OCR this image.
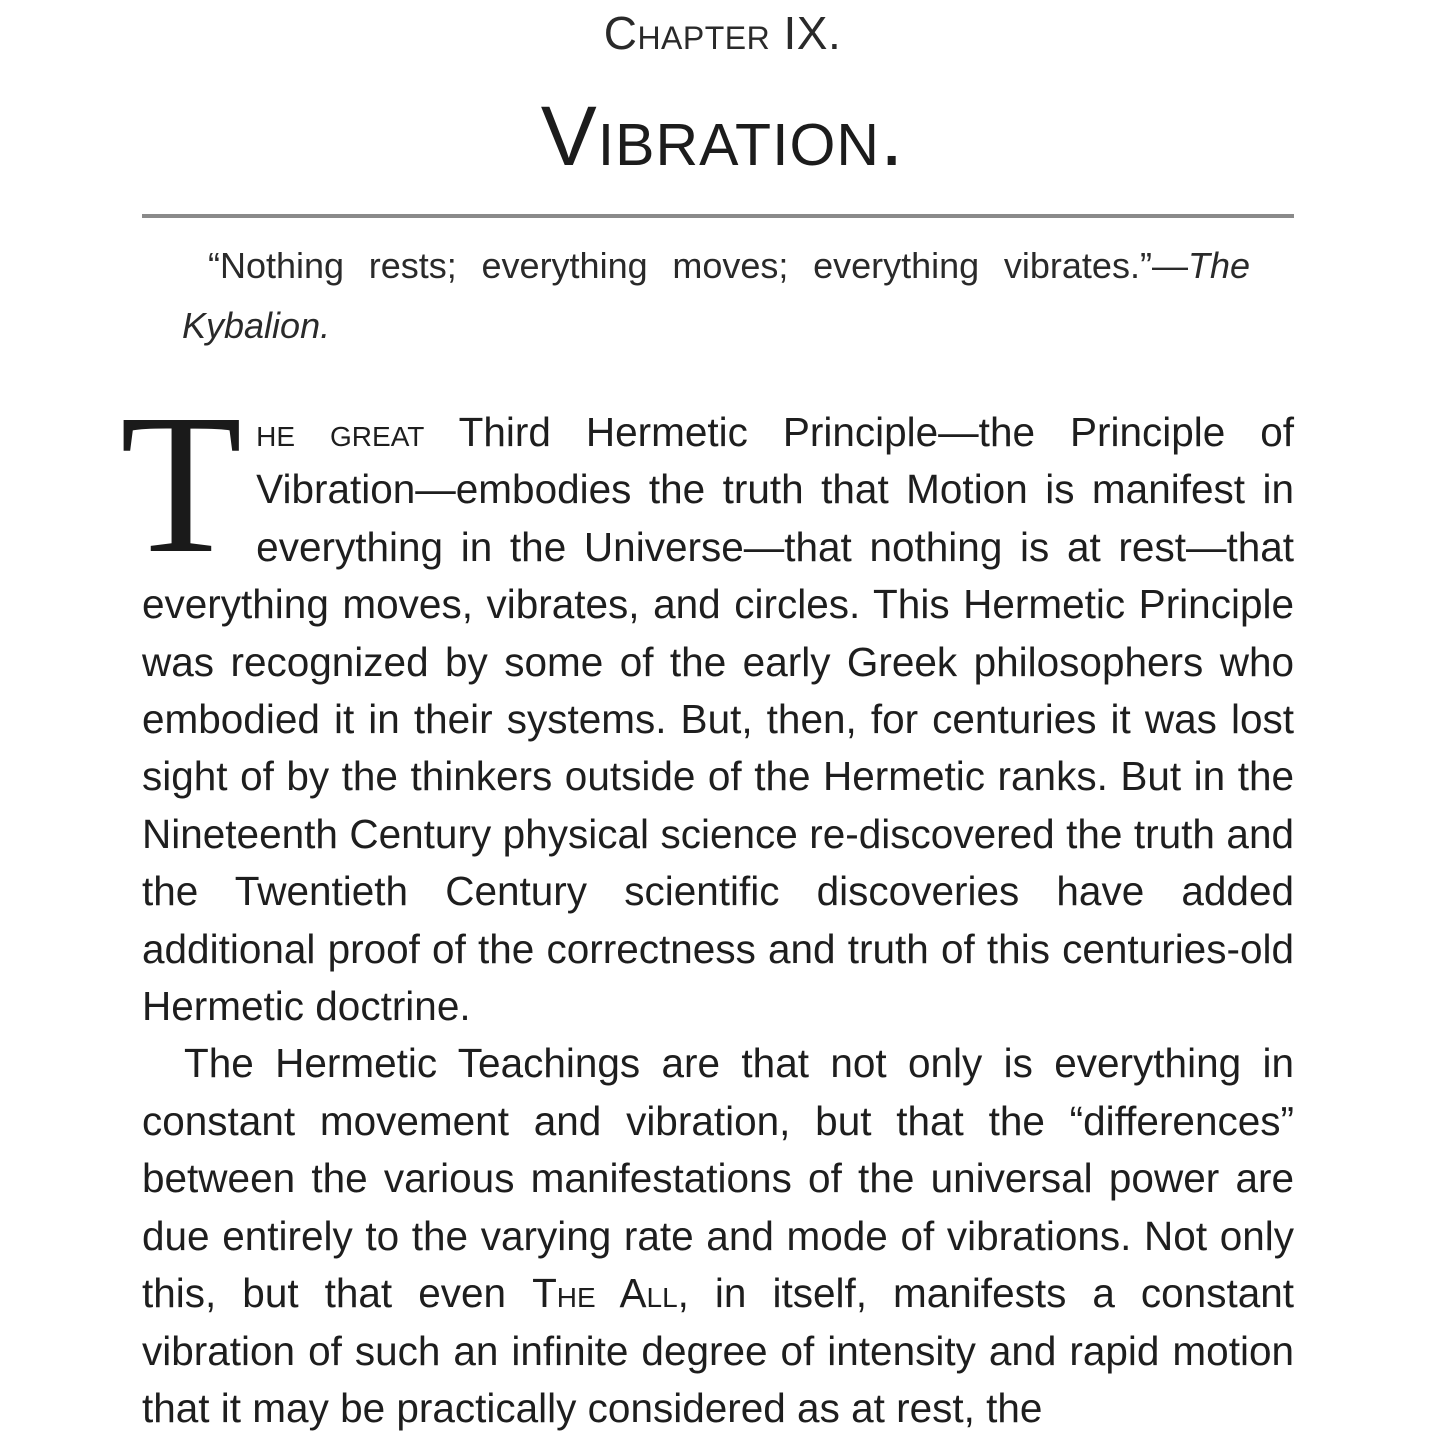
Chapter IX.
Vibration.

“Nothing rests; everything moves; everything vibrates.”—The Kybalion.

The great Third Hermetic Principle—the Principle of Vibration—embodies the truth that Motion is manifest in everything in the Universe—that nothing is at rest—that everything moves, vibrates, and circles. This Hermetic Principle was recognized by some of the early Greek philosophers who embodied it in their systems. But, then, for centuries it was lost sight of by the thinkers outside of the Hermetic ranks. But in the Nineteenth Century physical science re-discovered the truth and the Twentieth Century scientific discoveries have added additional proof of the correctness and truth of this centuries-old Hermetic doctrine.

The Hermetic Teachings are that not only is everything in constant movement and vibration, but that the “differences” between the various manifestations of the universal power are due entirely to the varying rate and mode of vibrations. Not only this, but that even The All, in itself, manifests a constant vibration of such an infinite degree of intensity and rapid motion that it may be practically considered as at rest, the
